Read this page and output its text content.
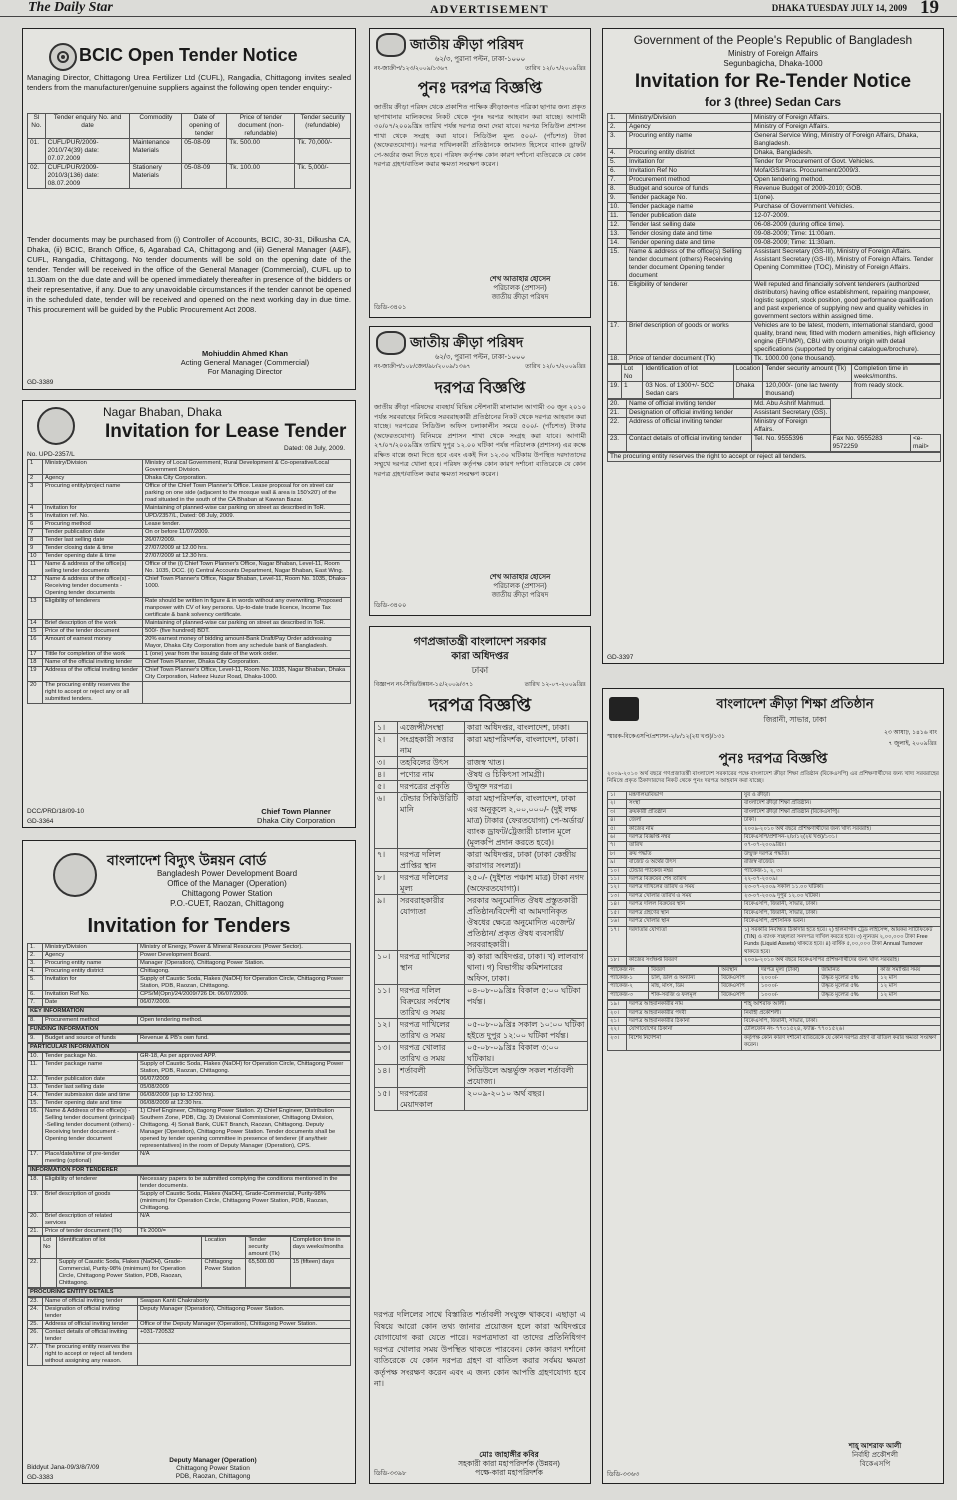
The Daily Star	ADVERTISEMENT	DHAKA TUESDAY JULY 14, 2009 19
BCIC Open Tender Notice
Managing Director, Chittagong Urea Fertilizer Ltd (CUFL), Rangadia, Chittagong invites sealed tenders from the manufacturer/genuine suppliers against the following open tender enquiry:-
Sl No.	Tender enquiry No. and date	Commodity	Date of opening of tender	Price of tender document (non-refundable)	Tender security (refundable)
01.	CUFL/PUR/2009-2010/74(39) date: 07.07.2009	Maintenance Materials	05-08-09	Tk. 500.00	Tk. 70,000/-
02.	CUFL/PUR/2009-2010/3(136) date: 08.07.2009	Stationery Materials	05-08-09	Tk. 100.00	Tk. 5,000/-
Tender documents may be purchased from (i) Controller of Accounts, BCIC, 30-31, Dilkusha CA, Dhaka, (ii) BCIC, Branch Office, 6, Agarabad CA, Chittagong and (iii) General Manager (A&F), CUFL, Rangadia, Chittagong. No tender documents will be sold on the opening date of the tender. Tender will be received in the office of the General Manager (Commercial), CUFL up to 11.30am on the due date and will be opened immediately thereafter in presence of the bidders or their representative, if any. Due to any unavoidable circumstances if the tender cannot be opened in the scheduled date, tender will be received and opened on the next working day in due time. This procurement will be guided by the Public Procurement Act 2008.
Mohiuddin Ahmed Khan
Acting General Manager (Commercial)
For Managing Director
GD-3389
Nagar Bhaban, Dhaka
Invitation for Lease Tender
Dated: 08 July, 2009.
No. UPD-2357/L
1	Ministry/Division	Ministry of Local Government, Rural Development & Co-operative/Local Government Division.
2	Agency	Dhaka City Corporation.
3	Procuring entity/project name	Office of the Chief Town Planner's Office. Lease proposal for on street car parking on one side (adjacent to the mosque wall & area is 150'x20') of the road situated in the south of the CA Bhaban at Kawran Bazar.
4	Invitation for	Maintaining of planned-wise car parking on street as described in ToR.
5	Invitation ref. No.	UPD/2357/L, Dated: 08 July, 2009.
6	Procuring method	Lease tender.
7	Tender publication date	On or before 11/07/2009.
8	Tender last selling date	26/07/2009.
9	Tender closing date & time	27/07/2009 at 12.00 hrs.
10	Tender opening date & time	27/07/2009 at 12.30 hrs.
11	Name & address of the office(s) selling tender documents	Office of the (i) Chief Town Planner's Office, Nagar Bhaban, Level-11, Room No. 1035, DCC. (ii) Central Accounts Department, Nagar Bhaban, East Wing.
12	Name & address of the office(s) - Receiving tender documents - Opening tender documents	Chief Town Planner's Office, Nagar Bhaban, Level-11, Room No. 1035, Dhaka-1000.
13	Eligibility of tenderers	Rate should be written in figure & in words without any overwriting. Proposed manpower with CV of key persons. Up-to-date trade licence, Income Tax certificate & bank solvency certificate.
14	Brief description of the work	Maintaining of planned-wise car parking on street as described in ToR.
15	Price of the tender document	500/- (five hundred) BDT.
16	Amount of earnest money	20% earnest money of bidding amount-Bank Draft/Pay Order addressing Mayor, Dhaka City Corporation from any schedule bank of Bangladesh.
17	Tittle for completion of the work	1 (one) year from the issuing date of the work order.
18	Name of the official inviting tender	Chief Town Planner, Dhaka City Corporation.
19	Address of the official inviting tender	Chief Town Planner's Office, Level-11, Room No. 1035, Nagar Bhaban, Dhaka City Corporation, Hafeez Huzur Road, Dhaka-1000.
20	The procuring entity reserves the right to accept or reject any or all submitted tenders.	
DCC/PRD/18/09-10
GD-3364
Chief Town Planner
Dhaka City Corporation
বাংলাদেশ বিদ্যুৎ উন্নয়ন বোর্ড
Bangladesh Power Development Board
Office of the Manager (Operation)
Chittagong Power Station
P.O.-CUET, Raozan, Chittagong
Invitation for Tenders
1.	Ministry/Division	Ministry of Energy, Power & Mineral Resources (Power Sector).
2.	Agency	Power Development Board.
3.	Procuring entity name	Manager (Operation), Chittagong Power Station.
4.	Procuring entity district	Chittagong.
5.	Invitation for	Supply of Caustic Soda, Flakes (NaOH) for Operation Circle, Chittagong Power Station, PDB, Raozan, Chittagong.
6.	Invitation Ref No.	CPS/M(Opn)/24/2009/726 Dt. 06/07/2009.
7.	Date	06/07/2009.
KEY INFORMATION
8.	Procurement method	Open tendering method.
FUNDING INFORMATION
9.	Budget and source of funds	Revenue & PB's own fund.
PARTICULAR INFORMATION
10.	Tender package No.	GR-18, As per approved APP.
11.	Tender package name	Supply of Caustic Soda, Flakes (NaOH) for Operation Circle, Chittagong Power Station, PDB, Raozan, Chittagong.
12.	Tender publication date	06/07/2009
13.	Tender last selling date	05/08/2009
14.	Tender submission date and time	06/08/2009 (up to 12:00 hrs).
15.	Tender opening date and time	06/08/2009 at 12:30 hrs.
16.	Name & Address of the office(s) -Selling tender document (principal) -Selling tender document (others) -Receiving tender document -Opening tender document	1) Chief Engineer, Chittagong Power Station. 2) Chief Engineer, Distribution Southern Zone, PDB, Ctg. 3) Divisional Commissioner, Chittagong Division, Chittagong. 4) Sonali Bank, CUET Branch, Raozan, Chittagong. Deputy Manager (Operation), Chittagong Power Station. Tender documents shall be opened by tender opening committee in presence of tenderer (if any/their representatives) in the room of Deputy Manager (Operation), CPS.
17.	Place/date/time of pre-tender meeting (optional)	N/A
INFORMATION FOR TENDERER
18.	Eligibility of tenderer	Necessary papers to be submitted complying the conditions mentioned in the tender documents.
19.	Brief description of goods	Supply of Caustic Soda, Flakes (NaOH), Grade-Commercial, Purity-98% (minimum) for Operation Circle, Chittagong Power Station, PDB, Raozan, Chittagong.
20.	Brief description of related services	N/A
21.	Price of tender document (Tk)	Tk 2000/=
	Lot No	Identification of lot	Location	Tender security amount (Tk)	Completion time in days weeks/months
22.		Supply of Caustic Soda, Flakes (NaOH), Grade-Commercial, Purity-98% (minimum) for Operation Circle, Chittagong Power Station, PDB, Raozan, Chittagong.	Chittagong Power Station	65,500.00	15 (fifteen) days
PROCURING ENTITY DETAILS
23.	Name of official inviting tender	Swapan Kanti Chakraborty
24.	Designation of official inviting tender	Deputy Manager (Operation), Chittagong Power Station.
25.	Address of official inviting tender	Office of the Deputy Manager (Operation), Chittagong Power Station.
26.	Contact details of official inviting tender	+031-720532
27.	The procuring entity reserves the right to accept or reject all tenders without assigning any reason.	
Biddyut Jana-09/3/8/7/09
GD-3383
Deputy Manager (Operation)
Chittagong Power Station
PDB, Raozan, Chittagong
জাতীয় ক্রীড়া পরিষদ
৬২/৩, পুরানা পল্টন, ঢাকা-১০০০
নং-জাক্রীপ/১২৩/২০০৯/১৩৬৭	তারিখ ১২/০৭/২০০৯খ্রিঃ
পুনঃ দরপত্র বিজ্ঞপ্তি
জাতীয় ক্রীড়া পরিষদ থেকে প্রকাশিত পাক্ষিক ক্রীড়াজগত পত্রিকা ছাপার জন্য প্রকৃত ছাপাখানার মালিকদের নিকট থেকে পুনঃ দরপত্র আহবান করা যাচ্ছে। আগামী ৩০/০৭/২০০৯খ্রিঃ তারিখ পর্যন্ত দরপত্র জমা দেয়া যাবে। দরপত্র সিডিউল প্রশাসন শাখা থেকে সংগ্রহ করা যাবে। সিডিউল মূল্য ৫০০/- (পাঁচশত) টাকা (অফেরতযোগ্য)। দরপত্র দাখিলকারী প্রতিষ্ঠানকে জামানত হিসেবে ব্যাংক ড্রাফট/পে-অর্ডার জমা দিতে হবে। পরিষদ কর্তৃপক্ষ কোন কারণ দর্শানো ব্যতিরেকে যে কোন দরপত্র গ্রহণ/বাতিল করার ক্ষমতা সংরক্ষণ করেন।
শেখ আতাহার হোসেন
পরিচালক (প্রশাসন)
জাতীয় ক্রীড়া পরিষদ
ডিডি-৩৪০১
জাতীয় ক্রীড়া পরিষদ
৬২/৩, পুরানা পল্টন, ঢাকা-১০০০
নং-জাক্রীপ/১০৮/জেন/৯৮/২০০৯/১৩৬৭	তারিখ ১২/০৭/২০০৯খ্রিঃ
দরপত্র বিজ্ঞপ্তি
জাতীয় ক্রীড়া পরিষদের ব্যবহার্য বিভিন্ন স্টেশনারী মালামাল আগামী ৩০ জুন ২০১০ পর্যন্ত সরবরাহের নিমিত্তে সরবরাহকারী প্রতিষ্ঠানের নিকট থেকে দরপত্র আহবান করা যাচ্ছে। দরপত্রের সিডিউল অফিস চলাকালীন সময়ে ৫০০/- (পাঁচশত) টাকার (অফেরতযোগ্য) বিনিময়ে প্রশাসন শাখা থেকে সংগ্রহ করা যাবে। আগামী ২৭/০৭/২০০৯খ্রিঃ তারিখ দুপুর ১২.০০ ঘটিকা পর্যন্ত পরিচালক (প্রশাসন) এর কক্ষে রক্ষিত বাক্সে জমা দিতে হবে এবং একই দিন ১২.৩০ ঘটিকায় উপস্থিত দরদাতাদের সম্মুখে দরপত্র খোলা হবে। পরিষদ কর্তৃপক্ষ কোন কারণ দর্শানো ব্যতিরেকে যে কোন দরপত্র গ্রহণ/বাতিল করার ক্ষমতা সংরক্ষণ করেন।
শেখ আতাহার হোসেন
পরিচালক (প্রশাসন)
জাতীয় ক্রীড়া পরিষদ
ডিডি-৩৪০০
গণপ্রজাতন্ত্রী বাংলাদেশ সরকার
কারা অধিদপ্তর
ঢাকা
বিজ্ঞাপন নং-সিভি/উন্নয়ন-১৫/২০০৯/৩৭১	তারিখ ১২-০৭-২০০৯খ্রিঃ
দরপত্র বিজ্ঞপ্তি
১।	এজেন্সী/সংস্থা	কারা অধিদপ্তর, বাংলাদেশ, ঢাকা।
২।	সংগ্রহকারী সত্তার নাম	কারা মহাপরিদর্শক, বাংলাদেশ, ঢাকা।
৩।	তহবিলের উৎস	রাজস্ব খাত।
৪।	পণ্যের নাম	ঔষধ ও চিকিৎসা সামগ্রী।
৫।	দরপত্রের প্রকৃতি	উন্মুক্ত দরপত্র।
৬।	টেন্ডার সিকিউরিটি মানি	কারা মহাপরিদর্শক, বাংলাদেশ, ঢাকা এর অনুকূলে ২,০০,০০০/- (দুই লক্ষ মাত্র) টাকার (ফেরতযোগ্য) পে-অর্ডার/ব্যাংক ড্রাফট/ট্রেজারী চালান মূলে (মূলকপি প্রদান করতে হবে)।
৭।	দরপত্র দলিল প্রাপ্তির স্থান	কারা অধিদপ্তর, ঢাকা (ঢাকা কেন্দ্রীয় কারাগার সংলগ্ন)।
৮।	দরপত্র দলিলের মূল্য	২৫০/- (দুইশত পঞ্চাশ মাত্র) টাকা নগদ (অফেরতযোগ্য)।
৯।	সরবরাহকারীর যোগ্যতা	সরকার অনুমোদিত ঔষধ প্রস্তুতকারী প্রতিষ্ঠান/বিদেশী বা আমদানিকৃত ঔষধের ক্ষেত্রে অনুমোদিত এজেন্ট/প্রতিষ্ঠান/ প্রকৃত ঔষধ ব্যবসায়ী/ সরবরাহকারী।
১০।	দরপত্র দাখিলের স্থান	ক) কারা অধিদপ্তর, ঢাকা। খ) লালবাগ থানা। গ) বিভাগীয় কমিশনারের অফিস, ঢাকা।
১১।	দরপত্র দলিল বিক্রয়ের সর্বশেষ তারিখ ও সময়	০৪-০৮-০৯খ্রিঃ বিকাল ৫:০০ ঘটিকা পর্যন্ত।
১২।	দরপত্র দাখিলের তারিখ ও সময়	০৫-০৮-০৯খ্রিঃ সকাল ১০:০০ ঘটিকা হইতে দুপুর ১২:০০ ঘটিকা পর্যন্ত।
১৩।	দরপত্র খোলার তারিখ ও সময়	০৫-০৮-০৯খ্রিঃ বিকাল ৩:০০ ঘটিকায়।
১৪।	শর্তাবলী	সিডিউলে অন্তর্ভুক্ত সকল শর্তাবলী প্রযোজ্য।
১৫।	দরপত্রের মেয়াদকাল	২০০৯-২০১০ অর্থ বছর।
দরপত্র দলিলের সাথে বিস্তারিত শর্তাবলী সংযুক্ত থাকবে। এছাড়া এ বিষয়ে আরো কোন তথ্য জানার প্রয়োজন হলে কারা অধিদপ্তরে যোগাযোগ করা যেতে পারে। দরপত্রদাতা বা তাদের প্রতিনিধিগণ দরপত্র খোলার সময় উপস্থিত থাকতে পারবেন। কোন কারণ দর্শানো ব্যতিরেকে যে কোন দরপত্র গ্রহণ বা বাতিল করার সর্বময় ক্ষমতা কর্তৃপক্ষ সংরক্ষণ করেন এবং এ জন্য কোন আপত্তি গ্রহণযোগ্য হবে না।
মোঃ জাহাঙ্গীর কবির
সহকারী কারা মহাপরিদর্শক (উন্নয়ন)
পক্ষে-কারা মহাপরিদর্শক
ডিডি-৩৩৯৮
Government of the People's Republic of Bangladesh
Ministry of Foreign Affairs
Segunbagicha, Dhaka-1000
Invitation for Re-Tender Notice
for 3 (three) Sedan Cars
1.	Ministry/Division	Ministry of Foreign Affairs.
2.	Agency	Ministry of Foreign Affairs.
3.	Procuring entity name	General Service Wing, Ministry of Foreign Affairs, Dhaka, Bangladesh.
4.	Procuring entity district	Dhaka, Bangladesh.
5.	Invitation for	Tender for Procurement of Govt. Vehicles.
6.	Invitation Ref No	Mofa/GS/trans. Procurement/2009/3.
7.	Procurement method	Open tendering method.
8.	Budget and source of funds	Revenue Budget of 2009-2010; GOB.
9.	Tender package No.	1(one).
10.	Tender package name	Purchase of Government Vehicles.
11.	Tender publication date	12-07-2009.
12.	Tender last selling date	06-08-2009 (during office time).
13.	Tender closing date and time	09-08-2009; Time: 11:00am.
14.	Tender opening date and time	09-08-2009; Time: 11:30am.
15.	Name & address of the office(s) Selling tender document (others) Receiving tender document Opening tender document	Assistant Secretary (GS-III), Ministry of Foreign Affairs. Assistant Secretary (GS-III), Ministry of Foreign Affairs. Tender Opening Committee (TOC), Ministry of Foreign Affairs.
16.	Eligibility of tenderer	Well reputed and financially solvent tenderers (authorized distributors) having office establishment, repairing manpower, logistic support, stock position, good performance qualification and past experience of supplying new and quality vehicles in government sectors within assigned time.
17.	Brief description of goods or works	Vehicles are to be latest, modern, international standard, good quality, brand new, fitted with modern amenities, high efficiency engine (EFI/MPI), CBU with country origin with detail specifications (supported by original catalogue/brochure).
18.	Price of tender document (Tk)	Tk. 1000.00 (one thousand).
	Lot No	Identification of lot	Location	Tender security amount (Tk)	Completion time in weeks/months.
19.	1	03 Nos. of 1300+/- 5CC Sedan cars	Dhaka	120,000/- (one lac twenty thousand)	from ready stock.
20.	Name of official inviting tender	Md. Abu Ashrif Mahmud.		
21.	Designation of official inviting tender	Assistant Secretary (GS).		
22.	Address of official inviting tender	Ministry of Foreign Affairs.		
23.	Contact details of official inviting tender	Tel. No. 9555396	Fax No. 9555283 9572259	<e-mail>
The procuring entity reserves the right to accept or reject all tenders.
GD-3397
বাংলাদেশ ক্রীড়া শিক্ষা প্রতিষ্ঠান
জিরানী, সাভার, ঢাকা
স্মারক-বিকেএসপি/প্রশাসন-২/৮/১২(২য় খণ্ড)/১৩১
২৩ আষাঢ়, ১৪১৬ বাং
৭ জুলাই, ২০০৯খ্রিঃ
পুনঃ দরপত্র বিজ্ঞপ্তি
২০০৯-২০১০ অর্থ বছরে গণপ্রজাতন্ত্রী বাংলাদেশ সরকারের পক্ষে বাংলাদেশ ক্রীড়া শিক্ষা প্রতিষ্ঠান (বিকেএসপি) এর প্রশিক্ষণার্থীদের জন্য খাদ্য সরবরাহের নিমিত্তে প্রকৃত ঠিকাদারদের নিকট থেকে পুনঃ দরপত্র আহবান করা যাচ্ছে।
১।	মন্ত্রণালয়/বিভাগ	যুব ও ক্রীড়া।
২।	সংস্থা	বাংলাদেশ ক্রীড়া শিক্ষা প্রতিষ্ঠান।
৩।	ক্রয়কারী প্রতিষ্ঠান	বাংলাদেশ ক্রীড়া শিক্ষা প্রতিষ্ঠান (বিকেএসপি)।
৪।	জেলা	ঢাকা।
৫।	কাজের নাম	২০০৯-২০১০ অর্থ বছরে প্রশিক্ষণার্থীদের জন্য খাদ্য সরবরাহ।
৬।	দরপত্র বিজ্ঞপ্তি নম্বর	বিকেএসপি/প্রশাসন-২/৮/১২(২য় খণ্ড)/১৩১।
৭।	তারিখ	০৭-০৭-২০০৯খ্রিঃ।
৮।	ক্রয় পদ্ধতি	উন্মুক্ত দরপত্র পদ্ধতি।
৯।	বাজেট ও অর্থের উৎস	রাজস্ব বাজেট।
১০।	টেন্ডার প্যাকেজ নম্বর	প্যাকেজ-১, ২, ৩।
১১।	দরপত্র বিক্রয়ের শেষ তারিখ	২২-০৭-২০০৯।
১২।	দরপত্র দাখিলের তারিখ ও সময়	২৩-০৭-২০০৯ সকাল ১১.০০ ঘটিকা।
১৩।	দরপত্র খোলার তারিখ ও সময়	২৩-০৭-২০০৯ দুপুর ১২.০০ ঘটিকা।
১৪।	দরপত্র দলিল বিক্রয়ের স্থান	বিকেএসপি, জিরানী, সাভার, ঢাকা।
১৫।	দরপত্র গ্রহণের স্থান	বিকেএসপি, জিরানী, সাভার, ঢাকা।
১৬।	দরপত্র খোলার স্থান	বিকেএসপি, প্রশাসনিক ভবন।
১৭।	দরদাতার যোগ্যতা	১) সরকারি নিবন্ধিত ঠিকাদার হতে হবে। ২) হালনাগাদ ট্রেড লাইসেন্স, আয়কর সার্টিফিকেট (TIN) ও ব্যাংক সচ্ছলতা সনদপত্র দাখিল করতে হবে। ৩) ন্যূনতম ২,০০,০০০ টাকা Free Funds (Liquid Assets) থাকতে হবে। ৪) বার্ষিক ৫,০০,০০০ টাকা Annual Turnover থাকতে হবে।
১৮।	কাজের সংক্ষিপ্ত বিবরণ	২০০৯-২০১০ অর্থ বছরে বিকেএসপির প্রশিক্ষণার্থীদের জন্য খাদ্য সরবরাহ।
প্যাকেজ নং	বিবরণ	অবস্থান	দরপত্র মূল্য (টাকা)	জামানত	কাজ সমাপ্তির সময়
প্যাকেজ-১	চাল, ডাল ও অন্যান্য	বিকেএসপি	২০০০/-	উদ্ধৃত মূল্যের ৫%	১২ মাস
প্যাকেজ-২	মাছ, মাংস, ডিম	বিকেএসপি	১০০০/-	উদ্ধৃত মূল্যের ৫%	১২ মাস
প্যাকেজ-৩	শাক-সবজি ও ফলমূল	বিকেএসপি	১০০০/-	উদ্ধৃত মূল্যের ৫%	১২ মাস
১৯।	দরপত্র আহবানকারীর নাম	শাহ্ আশরাফ আলী।
২০।	দরপত্র আহবানকারীর পদবী	নির্বাহী প্রকৌশলী।
২১।	দরপত্র আহবানকারীর ঠিকানা	বিকেএসপি, জিরানী, সাভার, ঢাকা।
২২।	যোগাযোগের ঠিকানা	টেলিফোন নং- ৭৭০১৫২৪, ফ্যাক্স- ৭৭০১৫২৬।
২৩।	বিশেষ নির্দেশনা	কর্তৃপক্ষ কোন কারণ দর্শানো ব্যতিরেকে যে কোন দরপত্র গ্রহণ বা বাতিল করার ক্ষমতা সংরক্ষণ করেন।
শাহ্ আশরাফ আলী
নির্বাহী প্রকৌশলী
বিকেএসপি
ডিডি-৩৩৬৩
